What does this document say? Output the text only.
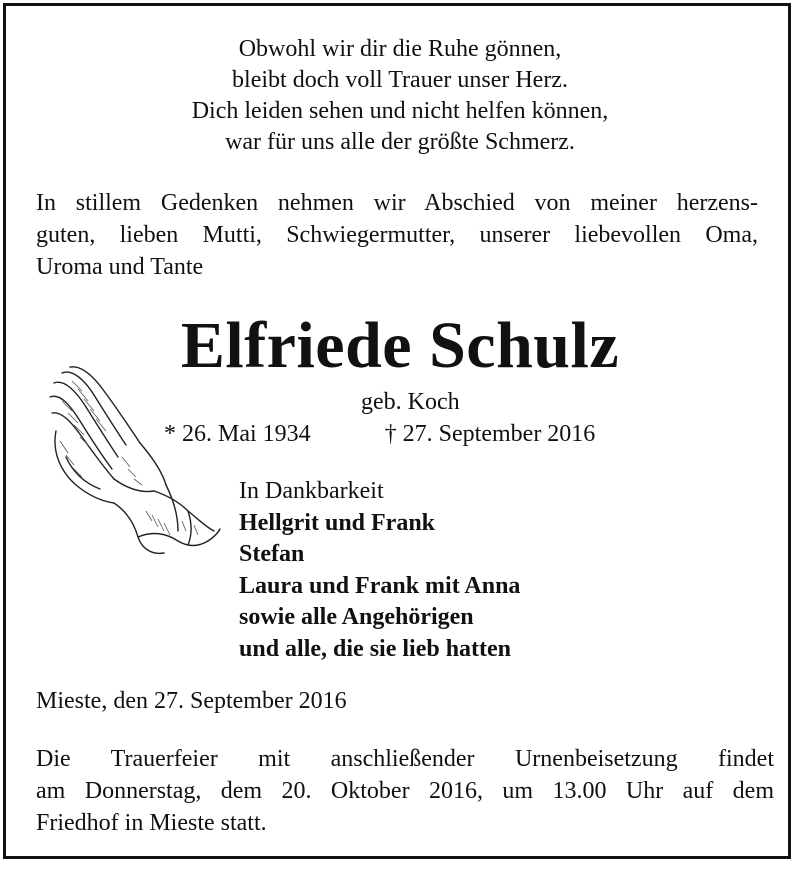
Obwohl wir dir die Ruhe gönnen,
bleibt doch voll Trauer unser Herz.
Dich leiden sehen und nicht helfen können,
war für uns alle der größte Schmerz.
In stillem Gedenken nehmen wir Abschied von meiner herzens-
guten, lieben Mutti, Schwiegermutter, unserer liebevollen Oma,
Uroma und Tante
Elfriede Schulz
geb. Koch
* 26. Mai 1934	† 27. September 2016
In Dankbarkeit
Hellgrit und Frank
Stefan
Laura und Frank mit Anna
sowie alle Angehörigen
und alle, die sie lieb hatten
Mieste, den 27. September 2016
Die Trauerfeier mit anschließender Urnenbeisetzung findet
am Donnerstag, dem 20. Oktober 2016, um 13.00 Uhr auf dem
Friedhof in Mieste statt.
